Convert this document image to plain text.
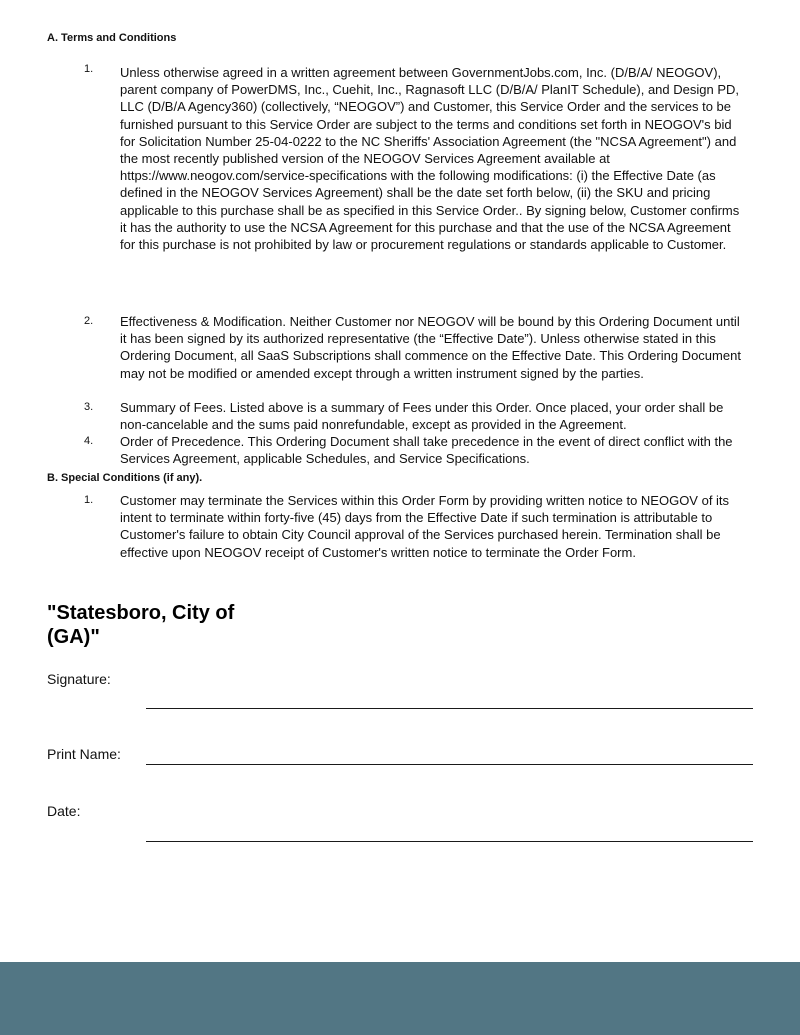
A. Terms and Conditions
1. Unless otherwise agreed in a written agreement between GovernmentJobs.com, Inc. (D/B/A/ NEOGOV), parent company of PowerDMS, Inc., Cuehit, Inc., Ragnasoft LLC (D/B/A/ PlanIT Schedule), and Design PD, LLC (D/B/A Agency360) (collectively, “NEOGOV”) and Customer, this Service Order and the services to be furnished pursuant to this Service Order are subject to the terms and conditions set forth in NEOGOV's bid for Solicitation Number 25-04-0222 to the NC Sheriffs' Association Agreement (the "NCSA Agreement") and the most recently published version of the NEOGOV Services Agreement available at https://www.neogov.com/service-specifications with the following modifications: (i) the Effective Date (as defined in the NEOGOV Services Agreement) shall be the date set forth below, (ii) the SKU and pricing applicable to this purchase shall be as specified in this Service Order.. By signing below, Customer confirms it has the authority to use the NCSA Agreement for this purchase and that the use of the NCSA Agreement for this purchase is not prohibited by law or procurement regulations or standards applicable to Customer.

2. Effectiveness & Modification. Neither Customer nor NEOGOV will be bound by this Ordering Document until it has been signed by its authorized representative (the “Effective Date”). Unless otherwise stated in this Ordering Document, all SaaS Subscriptions shall commence on the Effective Date. This Ordering Document may not be modified or amended except through a written instrument signed by the parties.

3. Summary of Fees. Listed above is a summary of Fees under this Order. Once placed, your order shall be non-cancelable and the sums paid nonrefundable, except as provided in the Agreement.

4. Order of Precedence. This Ordering Document shall take precedence in the event of direct conflict with the Services Agreement, applicable Schedules, and Service Specifications.

B. Special Conditions (if any).
1. Customer may terminate the Services within this Order Form by providing written notice to NEOGOV of its intent to terminate within forty-five (45) days from the Effective Date if such termination is attributable to Customer's failure to obtain City Council approval of the Services purchased herein. Termination shall be effective upon NEOGOV receipt of Customer's written notice to terminate the Order Form.

"Statesboro, City of (GA)"
Signature:
Print Name:
Date:
